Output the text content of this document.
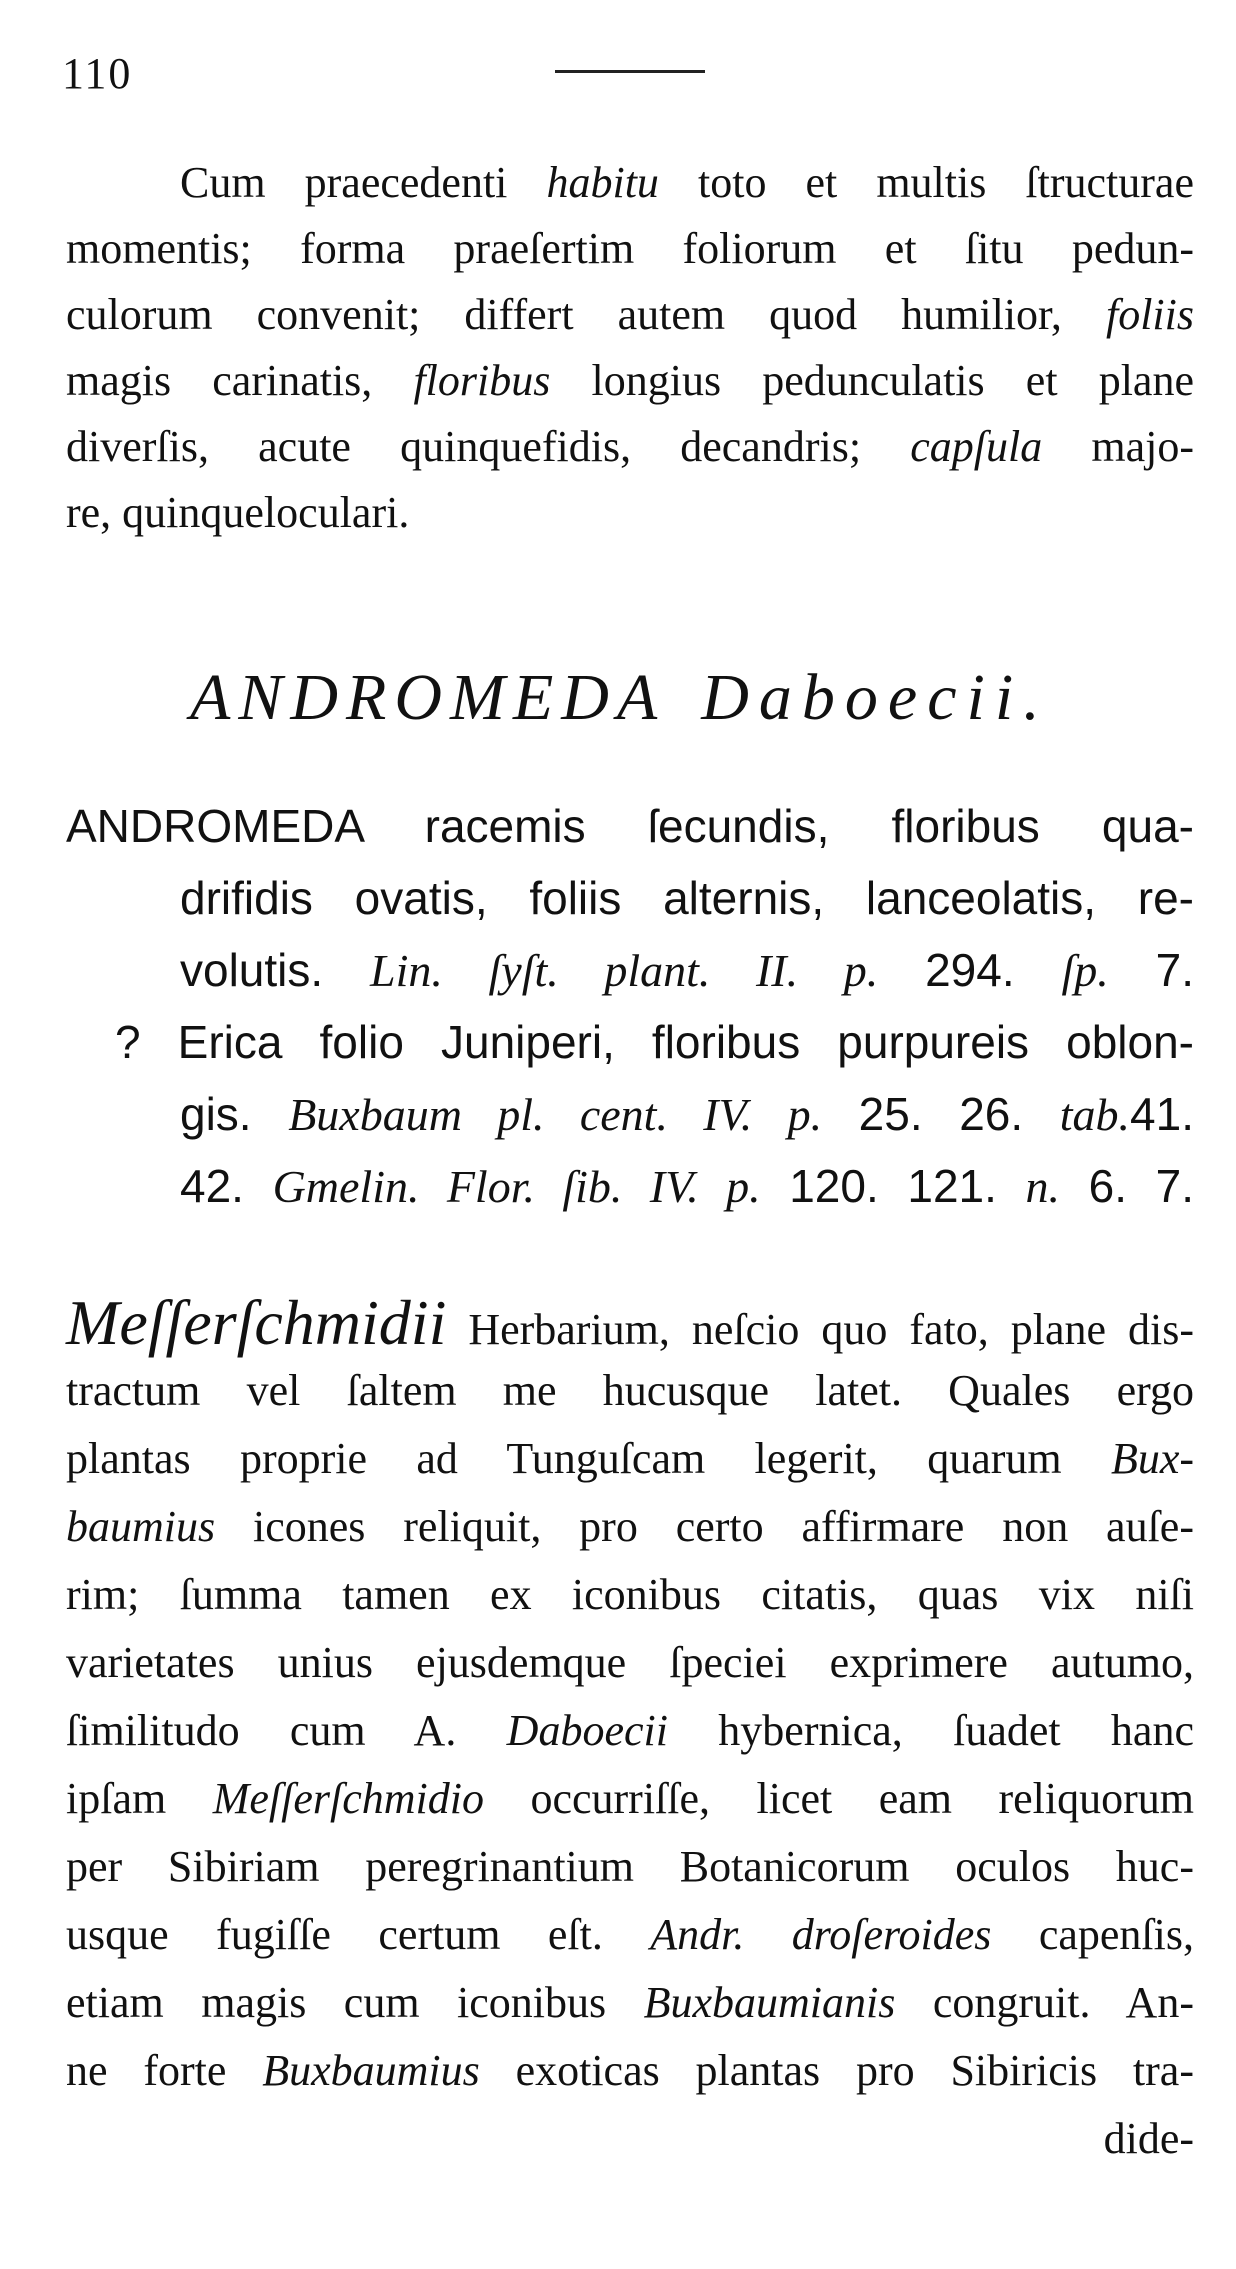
110
Cum praecedenti habitu toto et multis ſtructurae
momentis; forma praeſertim foliorum et ſitu pedun-
culorum convenit; differt autem quod humilior, foliis
magis carinatis, floribus longius pedunculatis et plane
diverſis, acute quinquefidis, decandris; capſula majo-
re, quinqueloculari.
ANDROMEDA Daboecii.
ANDROMEDA racemis ſecundis, floribus qua-
drifidis ovatis, foliis alternis, lanceolatis, re-
volutis. Lin. ſyſt. plant. II. p. 294. ſp. 7.
? Erica folio Juniperi, floribus purpureis oblon-
gis. Buxbaum pl. cent. IV. p. 25. 26. tab.41.
42. Gmelin. Flor. ſib. IV. p. 120. 121. n. 6. 7.
Meſſerſchmidii Herbarium, neſcio quo fato, plane dis-
tractum vel ſaltem me hucusque latet. Quales ergo
plantas proprie ad Tunguſcam legerit, quarum Bux-
baumius icones reliquit, pro certo affirmare non auſe-
rim; ſumma tamen ex iconibus citatis, quas vix niſi
varietates unius ejusdemque ſpeciei exprimere autumo,
ſimilitudo cum A. Daboecii hybernica, ſuadet hanc
ipſam Meſſerſchmidio occurriſſe, licet eam reliquorum
per Sibiriam peregrinantium Botanicorum oculos huc-
usque fugiſſe certum eſt. Andr. droſeroides capenſis,
etiam magis cum iconibus Buxbaumianis congruit. An-
ne forte Buxbaumius exoticas plantas pro Sibiricis tra-
dide-
